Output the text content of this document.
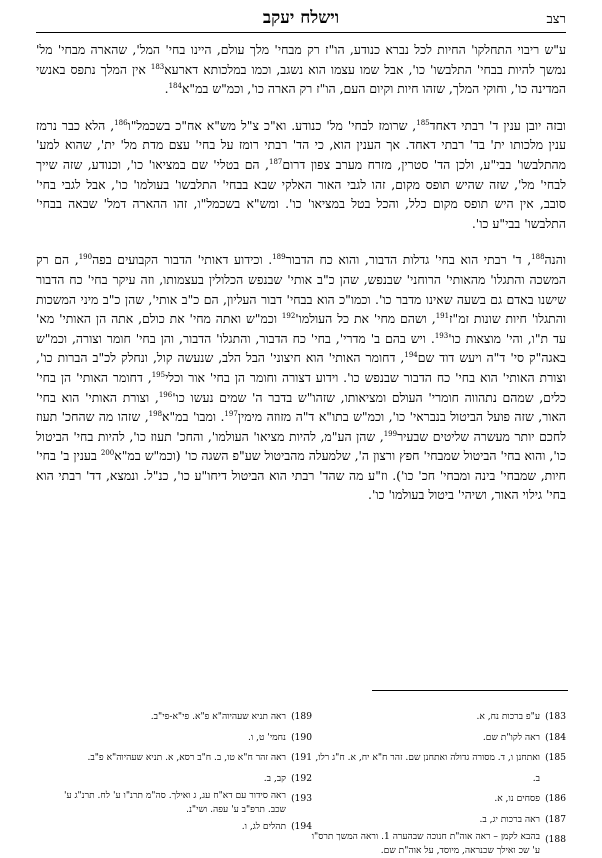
רצב
וישלח יעקב

ע"ש ריבוי התחלקו' החיות לכל נברא כנודע, הו"ז רק מבחי' מלך עולם, היינו בחי' המל', שהארה מבחי' מל' נמשך להיות בבחי' התלבשו' כו', אבל שמו עצמו הוא נשגב, וכמו במלכותא דארעא$^{183}$ אין המלך נתפס באנשי המדינה כו', וחוקי המלך, שזהו חיות וקיום העם, הו"ז רק הארה כו', וכמ"ש במ"א$^{184}$.

ובזה יובן ענין ד' רבתי דאחד$^{185}$, שרומז לבחי' מל' כנודע. וא"כ צ"ל מש"א אח"כ בשכמל"ו$^{186}$, הלא כבר נרמז ענין מלכותו ית' בד' רבתי דאחד. אך הענין הוא, כי הד' רבתי רומז על בחי' עצם מדת מל' ית', שהוא למע' מהתלבשו' בבי"ע, ולכן הד' סטרין, מזרח מערב צפון דרום$^{187}$, הם בטלי' שם במציאו' כו', וכנודע, שזה שייך לבחי' מל', שזה שהיש תופס מקום, זהו לגבי האור האלקי שבא בבחי' התלבשו' בעולמו' כו', אבל לגבי בחי' סובב, אין היש תופס מקום כלל, והכל בטל במציאו' כו'. ומש"א בשכמל"ו, זהו ההארה דמל' שבאה בבחי' התלבשו' בבי"ע כו'.

והנה$^{188}$, ד' רבתי הוא בחי' גדלות הדבור, והוא כח הדבור$^{189}$. וכידוע דאותי' הדבור הקבועים בפה$^{190}$, הם רק המשכה והתגלו' מהאותי' הרוחני' שבנפש, שהן כ"ב אותי' שבנפש הכלולין בעצמותו, וזה עיקר בחי' כח הדבור שישנו באדם גם בשעה שאינו מדבר כו'. וכמו"כ הוא בבחי' דבור העליון, הם כ"ב אותי', שהן כ"ב מיני המשכות והתגלו' חיות שונות זמ"ז$^{191}$, ושהם מחי' את כל $העולמו'^{192}$ וכמ"ש ואתה מחי' את כולם, אתה הן האותי' מא' עד ת"ו, והי' מוצאות $כו'^{193}$. ויש בהם ב' מדרי', בחי' כח הדבור, והתגלו' הדבור, והן בחי' חומר וצורה, וכמ"ש באגה"ק סי' ד"ה ויעש דוד שם$^{194}$, דחומר האותי' הוא חיצוני' הבל הלב, שנעשה קול, ונחלק לכ"ב הברות כו', וצורת האותי' הוא בחי' כח הדבור שבנפש כו'. וידוע דצורה וחומר הן בחי' אור וכלי$^{195}$, דחומר האותי' הן בחי' כלים, שמהם נתהווה חומרי' העולם ומציאותו, שזהו"ש בדבר ה' שמים נעשו $כו'^{196}$, וצורת האותי' הוא בחי' האור, שזה פועל הביטול בנבראי' כו', וכמ"ש בתו"א ד"ה מזוזה מימין$^{197}$. ומבו' במ"א$^{198}$, שזהו מה שהחכ' תעוז לחכם יותר מעשרה שליטים שבעיר$^{199}$, שהן הע"מ, להיות מציאו' העולמו', והחכ' תעוז כו', להיות בחי' הביטול כו', והוא בחי' הביטול שמבחי' חפץ ורצון ה', שלמעלה מהביטול שע"פ השגה כו' (וכמ"ש במ"א$^{200}$ בענין ב' בחי' חיות, שמבחי' בינה ומבחי' חכ' כו'). וז"ע מה שהד' רבתי הוא הביטול דיחו"ע כו', כנ"ל. ונמצא, דד' רבתי הוא בחי' גילוי האור, ושיהי' ביטול בעולמו' כו'.

183)
ע"פ ברכות נח, א.
184)
ראה לקו"ת שם.
185)
ואתחנן ו, ד. מסורה גדולה ואתחנן שם. זהר ח"א יח, א. ח"ג רלו, ב.
186)
פסחים נו, א.
187)
ראה ברכות יג, ב.
188)
בהבא לקמן – ראה אוה"ת חנוכה שבהערה 1. וראה המשך תרס"ו ע' שכ ואילך שכנראה, מיוסד, על אוה"ת שם.
189)
ראה תניא שעהיוה"א פ"א. פי"א-פי"ב.
190)
נחמי' ט, ו.
191)
ראה זהר ח"א טו, ב. ח"ב רסא, א. תניא שעהיוה"א פ"ב.
192)
קב, ב.
193)
ראה סידור עם דא"ח עג, ג ואילך. סה"מ תרנ"ו ע' לח. תרנ"ג ע' שכב. תרפ"ב ע' עפה. ושי"נ.
194)
תהלים לג, ו.
